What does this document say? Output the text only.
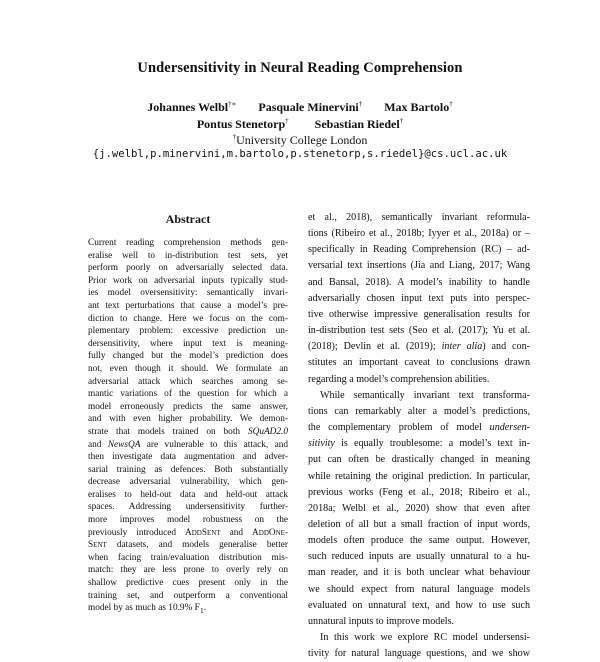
Undersensitivity in Neural Reading Comprehension
Johannes Welbl†∗ Pasquale Minervini† Max Bartolo†
Pontus Stenetorp† Sebastian Riedel†
†University College London
{j.welbl,p.minervini,m.bartolo,p.stenetorp,s.riedel}@cs.ucl.ac.uk
Abstract
Current reading comprehension methods gen-
eralise well to in-distribution test sets, yet
perform poorly on adversarially selected data.
Prior work on adversarial inputs typically stud-
ies model oversensitivity: semantically invari-
ant text perturbations that cause a model’s pre-
diction to change. Here we focus on the com-
plementary problem: excessive prediction un-
dersensitivity, where input text is meaning-
fully changed but the model’s prediction does
not, even though it should. We formulate an
adversarial attack which searches among se-
mantic variations of the question for which a
model erroneously predicts the same answer,
and with even higher probability. We demon-
strate that models trained on both SQuAD2.0
and NewsQA are vulnerable to this attack, and
then investigate data augmentation and adver-
sarial training as defences. Both substantially
decrease adversarial vulnerability, which gen-
eralises to held-out data and held-out attack
spaces. Addressing undersensitivity further-
more improves model robustness on the
previously introduced AddSent and AddOne-
Sent datasets, and models generalise better
when facing train/evaluation distribution mis-
match: they are less prone to overly rely on
shallow predictive cues present only in the
training set, and outperform a conventional
model by as much as 10.9% $F_1$.
et al., 2018), semantically invariant reformula-
tions (Ribeiro et al., 2018b; Iyyer et al., 2018a) or –
specifically in Reading Comprehension (RC) – ad-
versarial text insertions (Jia and Liang, 2017; Wang
and Bansal, 2018). A model’s inability to handle
adversarially chosen input text puts into perspec-
tive otherwise impressive generalisation results for
in-distribution test sets (Seo et al. (2017); Yu et al.
(2018); Devlin et al. (2019); inter alia) and con-
stitutes an important caveat to conclusions drawn
regarding a model’s comprehension abilities.
While semantically invariant text transforma-
tions can remarkably alter a model’s predictions,
the complementary problem of model undersen-
sitivity is equally troublesome: a model’s text in-
put can often be drastically changed in meaning
while retaining the original prediction. In particular,
previous works (Feng et al., 2018; Ribeiro et al.,
2018a; Welbl et al., 2020) show that even after
deletion of all but a small fraction of input words,
models often produce the same output. However,
such reduced inputs are usually unnatural to a hu-
man reader, and it is both unclear what behaviour
we should expect from natural language models
evaluated on unnatural text, and how to use such
unnatural inputs to improve models.
In this work we explore RC model undersensi-
tivity for natural language questions, and we show
